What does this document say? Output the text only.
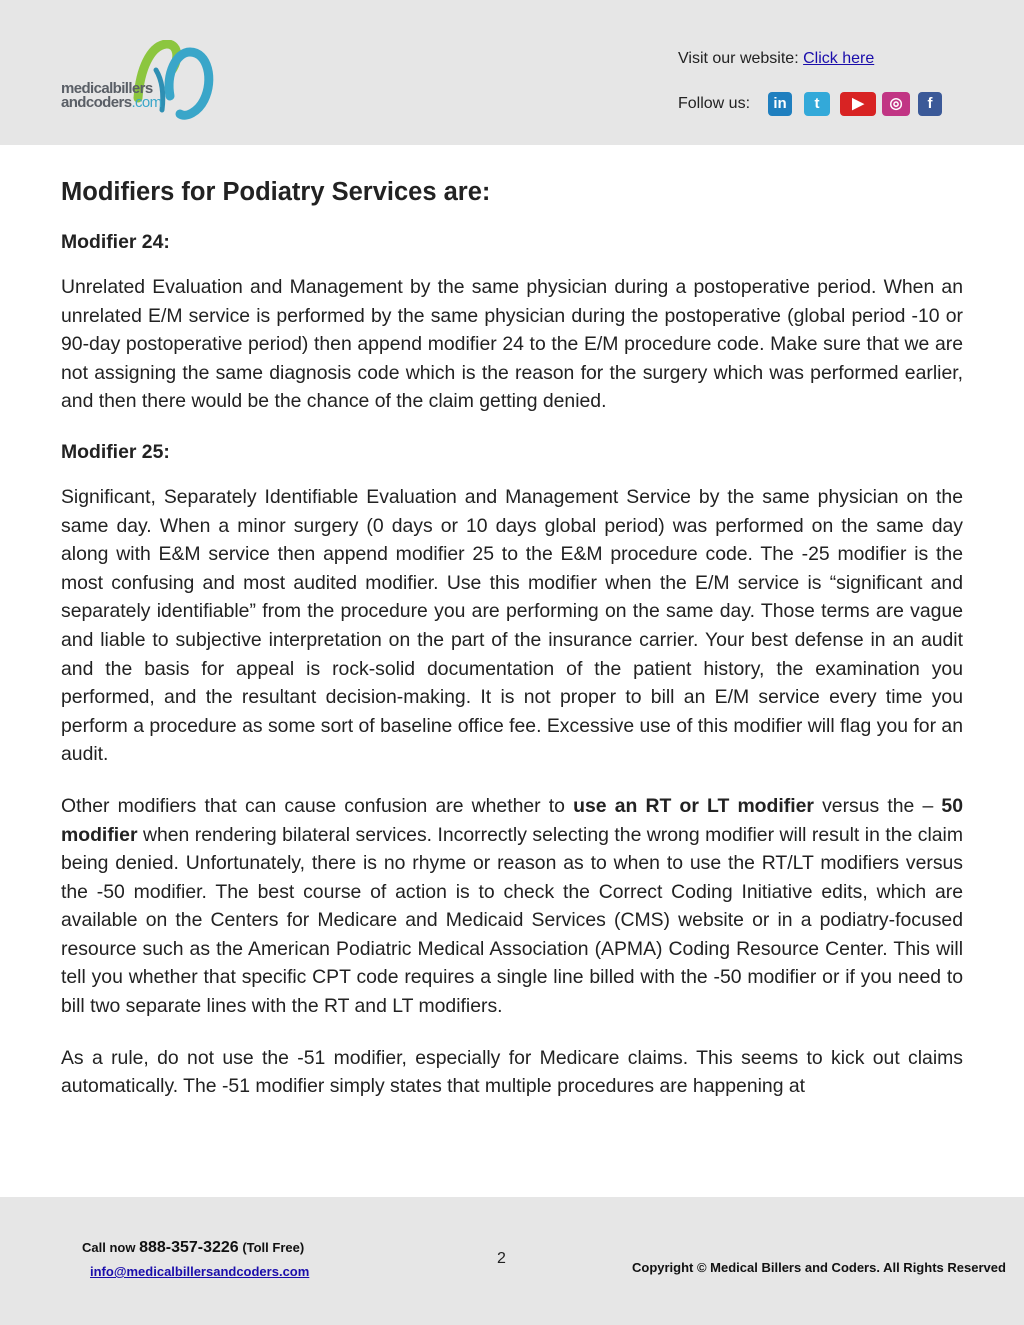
medicalbillers
andcoders.com
Visit our website: Click here
Follow us:	in	t	▶	◎	f
Modifiers for Podiatry Services are:
Modifier 24:

Unrelated Evaluation and Management by the same physician during a postoperative period. When an unrelated E/M service is performed by the same physician during the postoperative (global period -10 or 90-day postoperative period) then append modifier 24 to the E/M procedure code. Make sure that we are not assigning the same diagnosis code which is the reason for the surgery which was performed earlier, and then there would be the chance of the claim getting denied.

Modifier 25:

Significant, Separately Identifiable Evaluation and Management Service by the same physician on the same day. When a minor surgery (0 days or 10 days global period) was performed on the same day along with E&M service then append modifier 25 to the E&M procedure code. The -25 modifier is the most confusing and most audited modifier. Use this modifier when the E/M service is “significant and separately identifiable” from the procedure you are performing on the same day. Those terms are vague and liable to subjective interpretation on the part of the insurance carrier. Your best defense in an audit and the basis for appeal is rock-solid documentation of the patient history, the examination you performed, and the resultant decision-making. It is not proper to bill an E/M service every time you perform a procedure as some sort of baseline office fee. Excessive use of this modifier will flag you for an audit.

Other modifiers that can cause confusion are whether to use an RT or LT modifier versus the – 50 modifier when rendering bilateral services. Incorrectly selecting the wrong modifier will result in the claim being denied. Unfortunately, there is no rhyme or reason as to when to use the RT/LT modifiers versus the -50 modifier. The best course of action is to check the Correct Coding Initiative edits, which are available on the Centers for Medicare and Medicaid Services (CMS) website or in a podiatry-focused resource such as the American Podiatric Medical Association (APMA) Coding Resource Center. This will tell you whether that specific CPT code requires a single line billed with the -50 modifier or if you need to bill two separate lines with the RT and LT modifiers.

As a rule, do not use the -51 modifier, especially for Medicare claims. This seems to kick out claims automatically. The -51 modifier simply states that multiple procedures are happening at

Call now 888-357-3226 (Toll Free)
info@medicalbillersandcoders.com
2
Copyright © Medical Billers and Coders. All Rights Reserved
